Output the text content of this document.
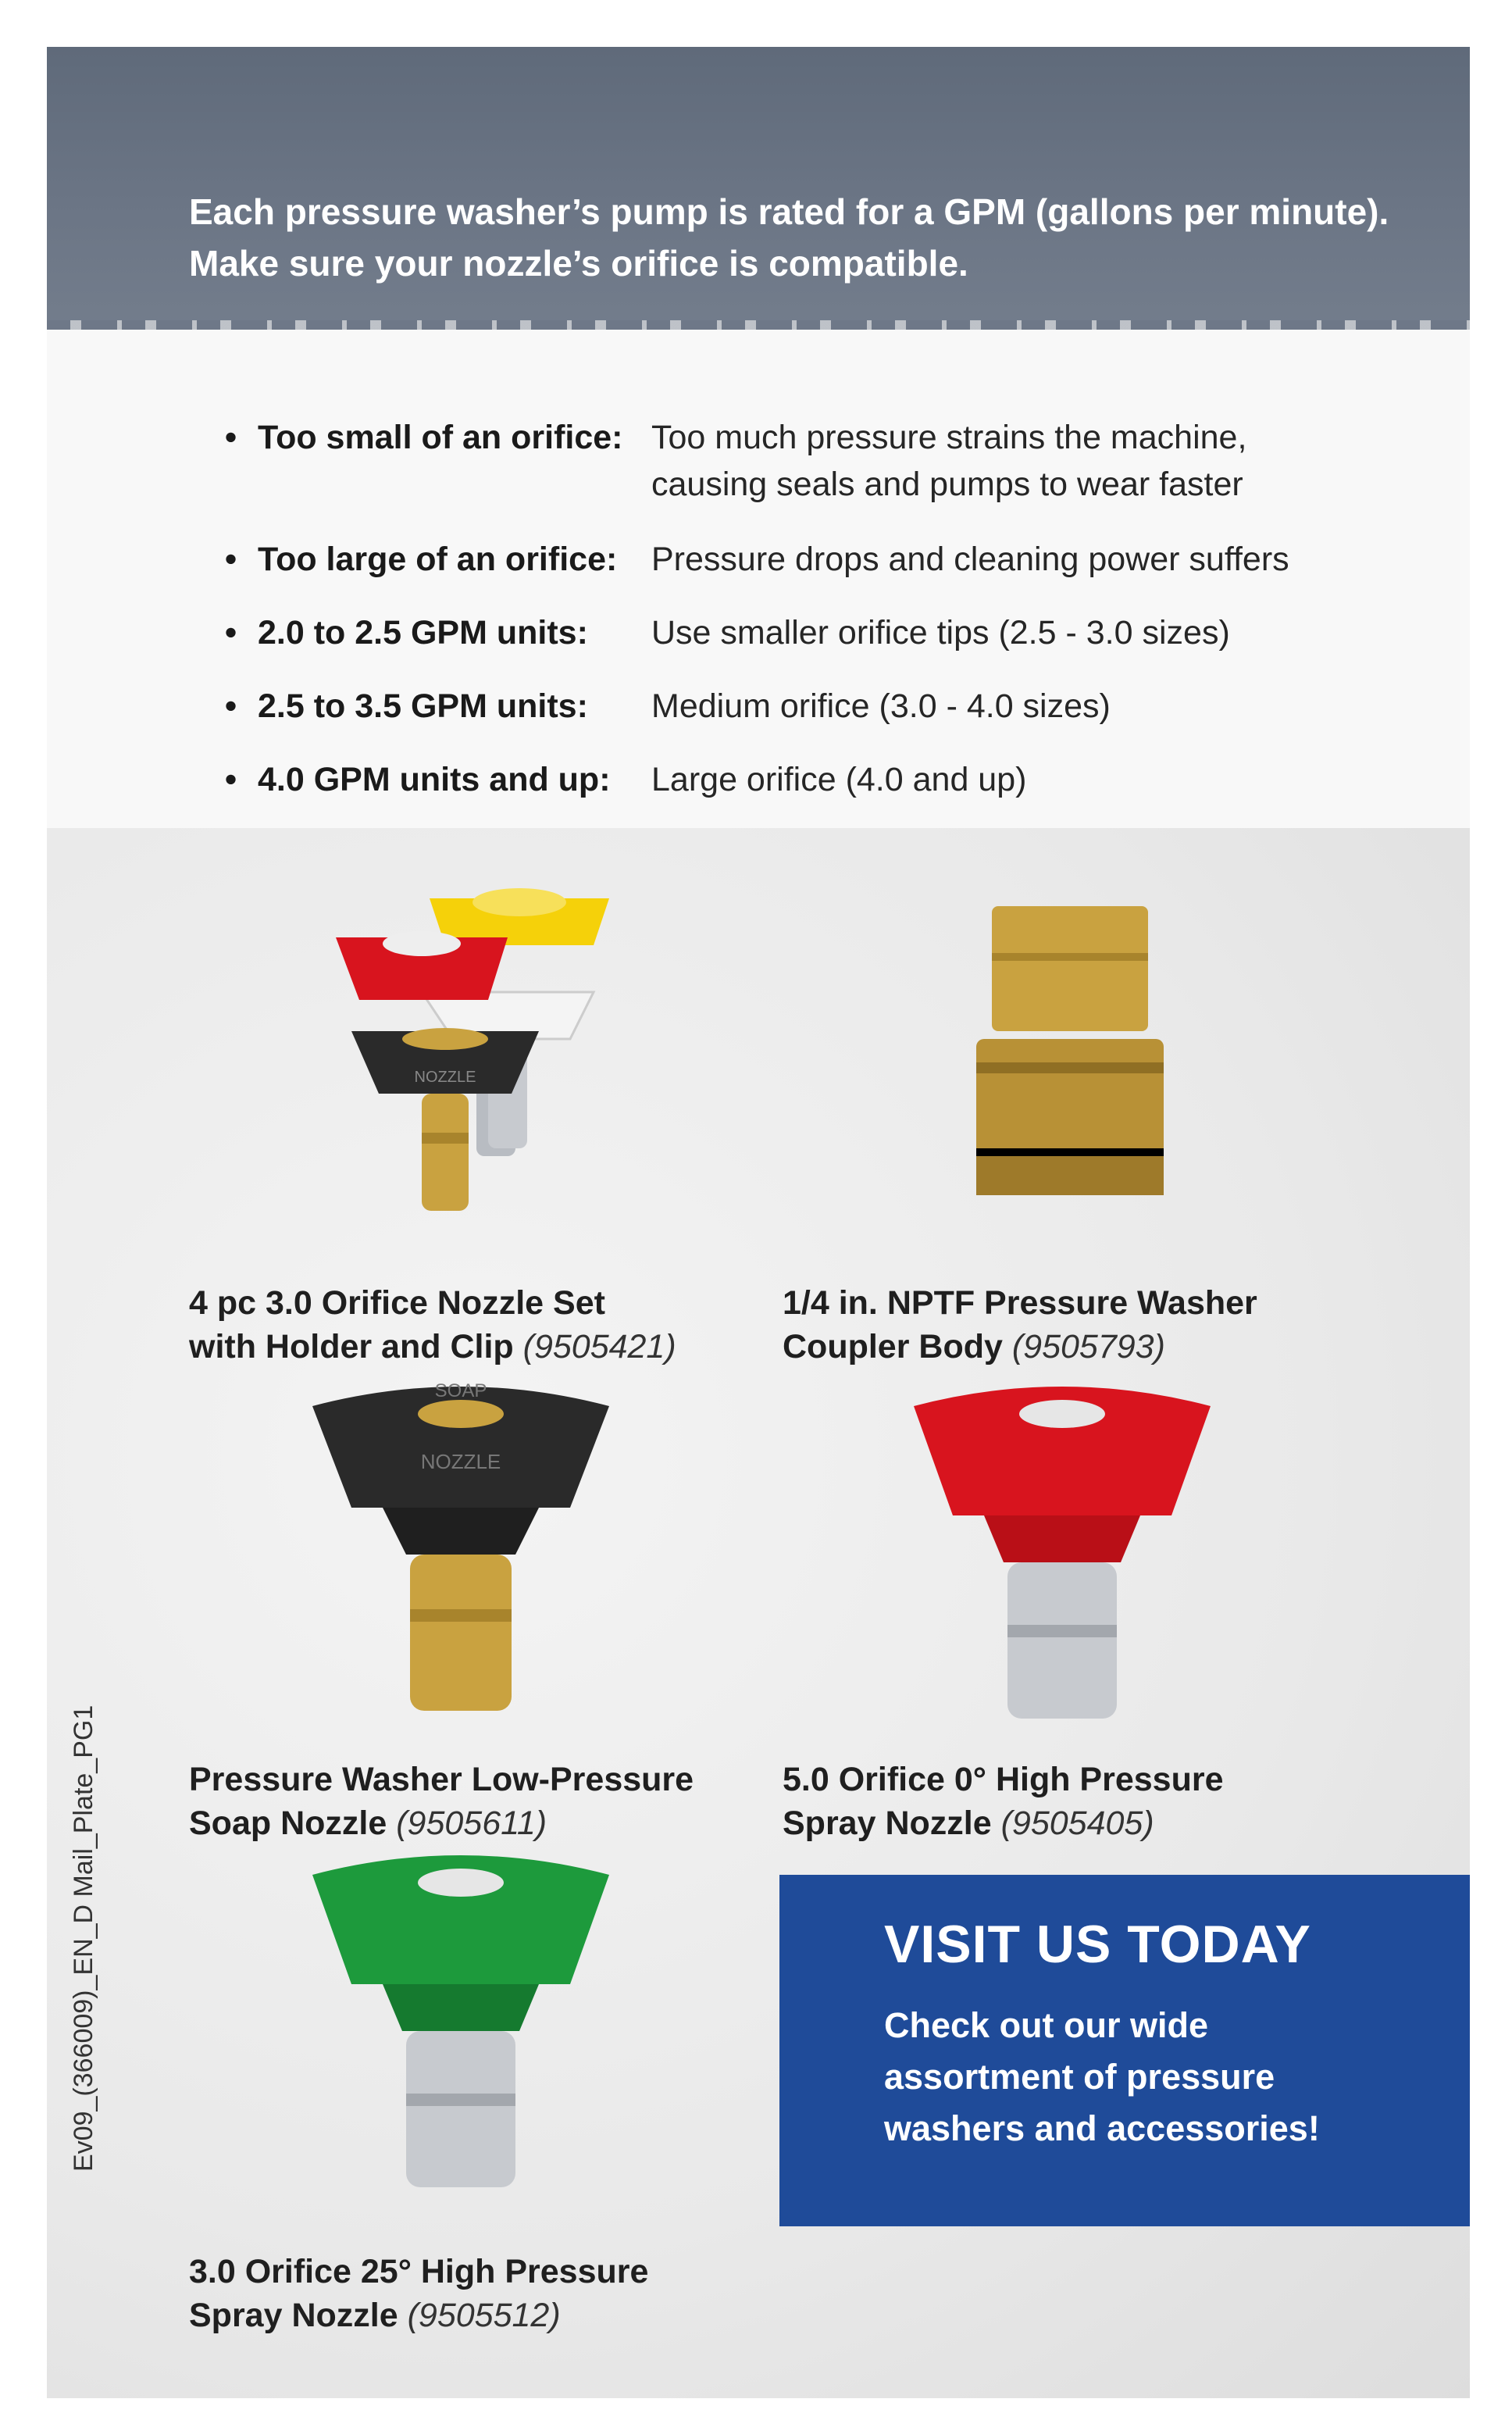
Each pressure washer’s pump is rated for a GPM (gallons per minute).
Make sure your nozzle’s orifice is compatible.

• Too small of an orifice: Too much pressure strains the machine,
causing seals and pumps to wear faster
• Too large of an orifice: Pressure drops and cleaning power suffers
• 2.0 to 2.5 GPM units: Use smaller orifice tips (2.5 - 3.0 sizes)
• 2.5 to 3.5 GPM units: Medium orifice (3.0 - 4.0 sizes)
• 4.0 GPM units and up: Large orifice (4.0 and up)
NOZZLE

4 pc 3.0 Orifice Nozzle Set
with Holder and Clip (9505421)

1/4 in. NPTF Pressure Washer
Coupler Body (9505793)

SOAP
NOZZLE

Pressure Washer Low-Pressure
Soap Nozzle (9505611)

5.0 Orifice 0° High Pressure
Spray Nozzle (9505405)

3.0 Orifice 25° High Pressure
Spray Nozzle (9505512)

VISIT US TODAY

Check out our wide
assortment of pressure
washers and accessories!

Ev09_(366009)_EN_D Mail_Plate_PG1
